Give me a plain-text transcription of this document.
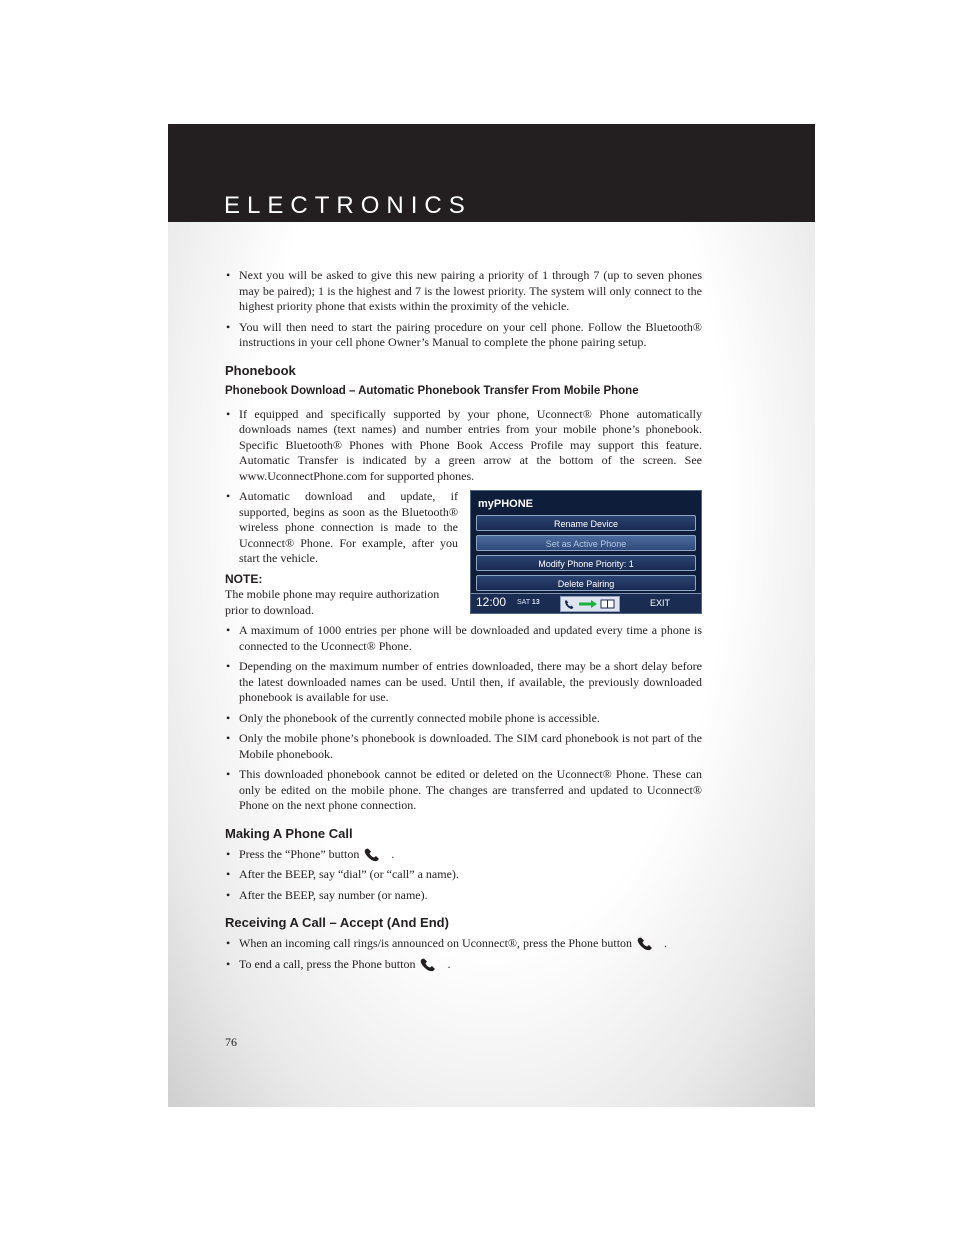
ELECTRONICS
• Next you will be asked to give this new pairing a priority of 1 through 7 (up to seven phones may be paired); 1 is the highest and 7 is the lowest priority. The system will only connect to the highest priority phone that exists within the proximity of the vehicle.
• You will then need to start the pairing procedure on your cell phone. Follow the Bluetooth® instructions in your cell phone Owner’s Manual to complete the phone pairing setup.
Phonebook
Phonebook Download – Automatic Phonebook Transfer From Mobile Phone
• If equipped and specifically supported by your phone, Uconnect® Phone automatically downloads names (text names) and number entries from your mobile phone’s phonebook. Specific Bluetooth® Phones with Phone Book Access Profile may support this feature. Automatic Transfer is indicated by a green arrow at the bottom of the screen. See www.UconnectPhone.com for supported phones.
myPHONE
Rename Device
Set as Active Phone
Modify Phone Priority: 1
Delete Pairing
12:00 SAT 13	EXIT
• Automatic download and update, if supported, begins as soon as the Bluetooth® wireless phone connection is made to the Uconnect® Phone. For example, after you start the vehicle.
NOTE:
The mobile phone may require authorization prior to download.
• A maximum of 1000 entries per phone will be downloaded and updated every time a phone is connected to the Uconnect® Phone.
• Depending on the maximum number of entries downloaded, there may be a short delay before the latest downloaded names can be used. Until then, if available, the previously downloaded phonebook is available for use.
• Only the phonebook of the currently connected mobile phone is accessible.
• Only the mobile phone’s phonebook is downloaded. The SIM card phonebook is not part of the Mobile phonebook.
• This downloaded phonebook cannot be edited or deleted on the Uconnect® Phone. These can only be edited on the mobile phone. The changes are transferred and updated to Uconnect® Phone on the next phone connection.
Making A Phone Call
• Press the “Phone” button	.
• After the BEEP, say “dial” (or “call” a name).
• After the BEEP, say number (or name).
Receiving A Call – Accept (And End)
• When an incoming call rings/is announced on Uconnect®, press the Phone button	.
• To end a call, press the Phone button	.
76
